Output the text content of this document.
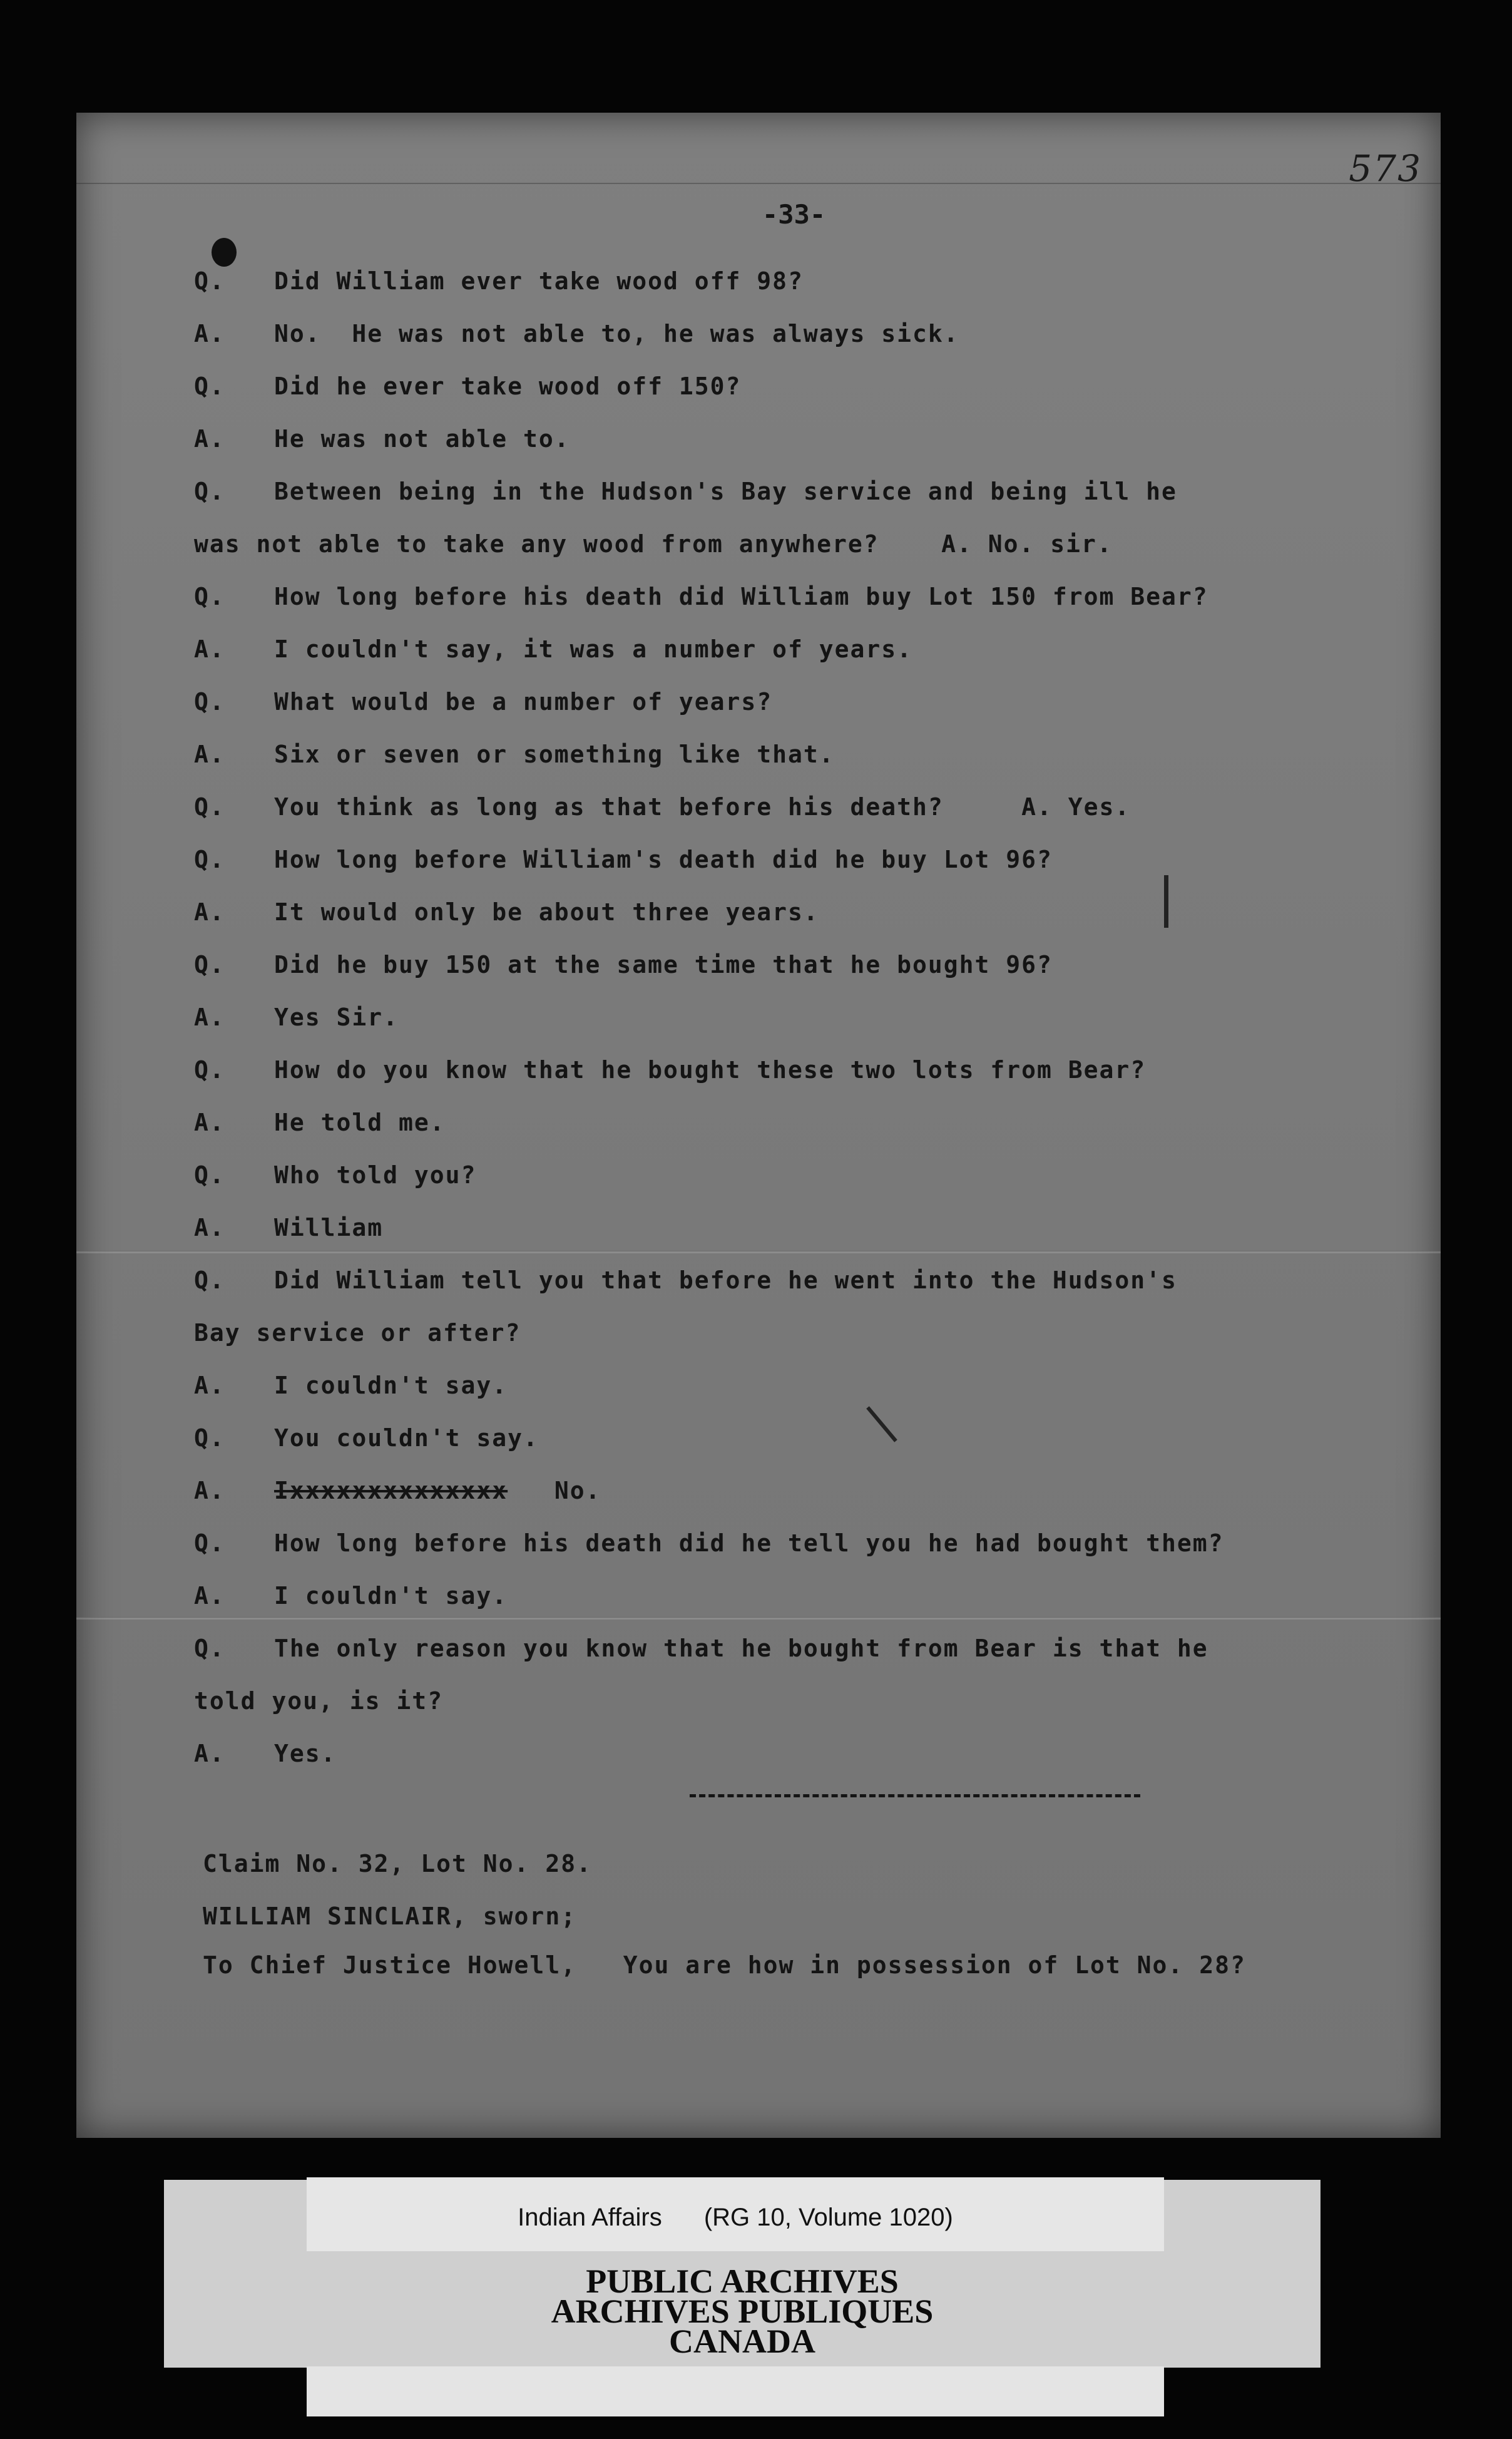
573
-33-
Q. Did William ever take wood off 98?
A. No.  He was not able to, he was always sick.
Q. Did he ever take wood off 150?
A. He was not able to.
Q. Between being in the Hudson's Bay service and being ill he
was not able to take any wood from anywhere?    A. No. sir.
Q. How long before his death did William buy Lot 150 from Bear?
A. I couldn't say, it was a number of years.
Q. What would be a number of years?
A. Six or seven or something like that.
Q. You think as long as that before his death?     A. Yes.
Q. How long before William's death did he buy Lot 96?
A. It would only be about three years.
Q. Did he buy 150 at the same time that he bought 96?
A. Yes Sir.
Q. How do you know that he bought these two lots from Bear?
A. He told me.
Q. Who told you?
A. William
Q. Did William tell you that before he went into the Hudson's
Bay service or after?
A. I couldn't say.
Q. You couldn't say.
A. Ixxxxxxxxxxxxxx No.
Q. How long before his death did he tell you he had bought them?
A. I couldn't say.
Q. The only reason you know that he bought from Bear is that he
told you, is it?
A. Yes.
Claim No. 32, Lot No. 28.
WILLIAM SINCLAIR, sworn;
To Chief Justice Howell,   You are how in possession of Lot No. 28?
Indian Affairs (RG 10, Volume 1020)
PUBLIC ARCHIVES
ARCHIVES PUBLIQUES
CANADA
